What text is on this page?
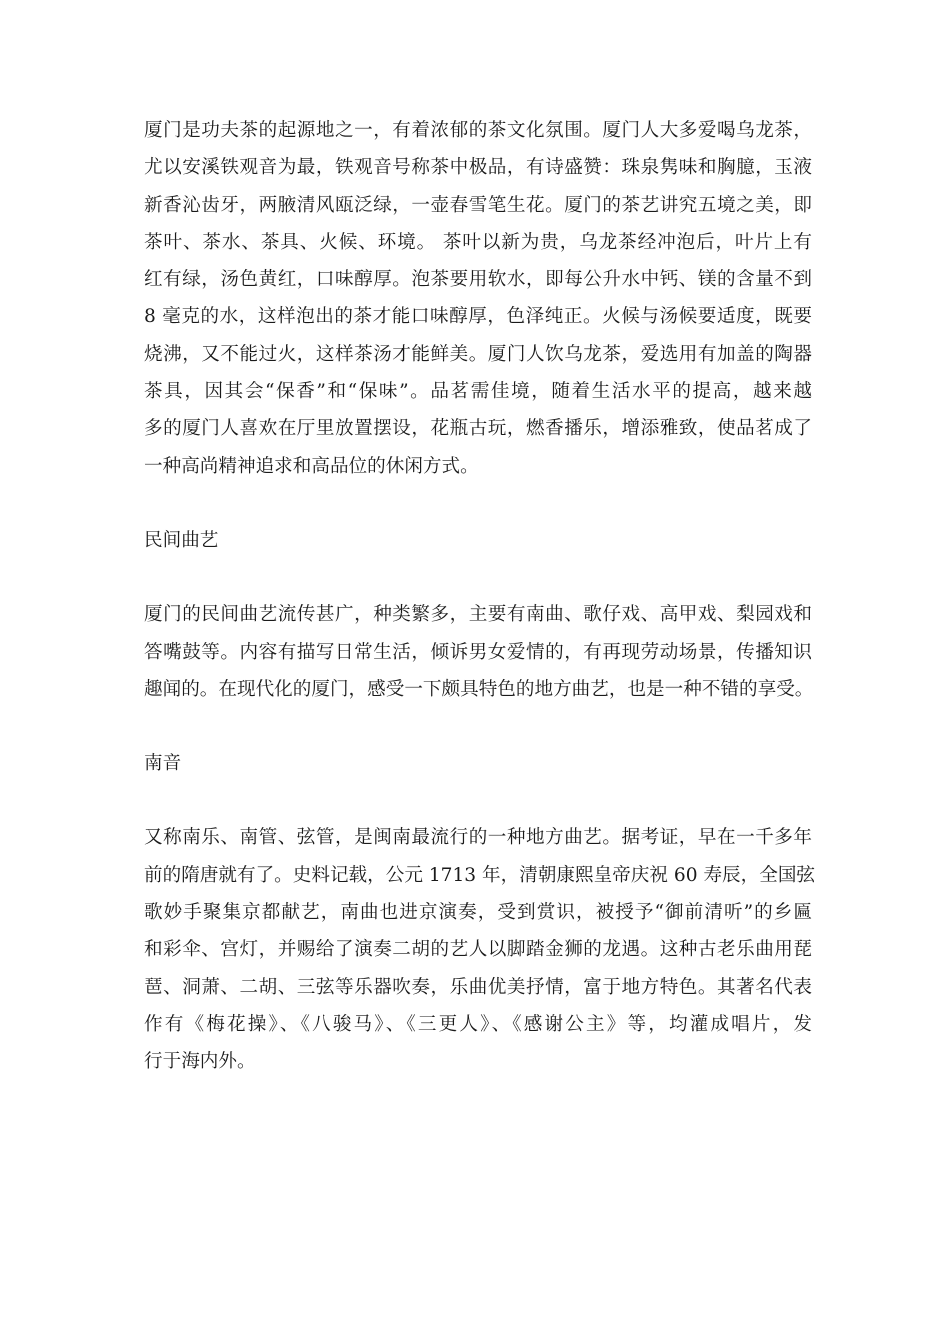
厦门是功夫茶的起源地之一，有着浓郁的茶文化氛围。厦门人大多爱喝乌龙茶，
尤以安溪铁观音为最，铁观音号称茶中极品，有诗盛赞：珠泉隽味和胸臆，玉液
新香沁齿牙，两腋清风瓯泛绿，一壶春雪笔生花。厦门的茶艺讲究五境之美，即
茶叶、茶水、茶具、火候、环境。 茶叶以新为贵，乌龙茶经冲泡后，叶片上有
红有绿，汤色黄红，口味醇厚。泡茶要用软水，即每公升水中钙、镁的含量不到
8 毫克的水，这样泡出的茶才能口味醇厚，色泽纯正。火候与汤候要适度，既要
烧沸，又不能过火，这样茶汤才能鲜美。厦门人饮乌龙茶，爱选用有加盖的陶器
茶具，因其会“保香”和“保味”。品茗需佳境，随着生活水平的提高，越来越
多的厦门人喜欢在厅里放置摆设，花瓶古玩，燃香播乐，增添雅致，使品茗成了
一种高尚精神追求和高品位的休闲方式。

民间曲艺

厦门的民间曲艺流传甚广，种类繁多，主要有南曲、歌仔戏、高甲戏、梨园戏和
答嘴鼓等。内容有描写日常生活，倾诉男女爱情的，有再现劳动场景，传播知识
趣闻的。在现代化的厦门，感受一下颇具特色的地方曲艺，也是一种不错的享受。

南音

又称南乐、南管、弦管，是闽南最流行的一种地方曲艺。据考证，早在一千多年
前的隋唐就有了。史料记载，公元 1713 年，清朝康熙皇帝庆祝 60 寿辰，全国弦
歌妙手聚集京都献艺，南曲也进京演奏，受到赏识，被授予“御前清听”的乡匾
和彩伞、宫灯，并赐给了演奏二胡的艺人以脚踏金狮的龙遇。这种古老乐曲用琵
琶、洞萧、二胡、三弦等乐器吹奏，乐曲优美抒情，富于地方特色。其著名代表
作有《梅花操》、《八骏马》、《三更人》、《感谢公主》等，均灌成唱片，发
行于海内外。
